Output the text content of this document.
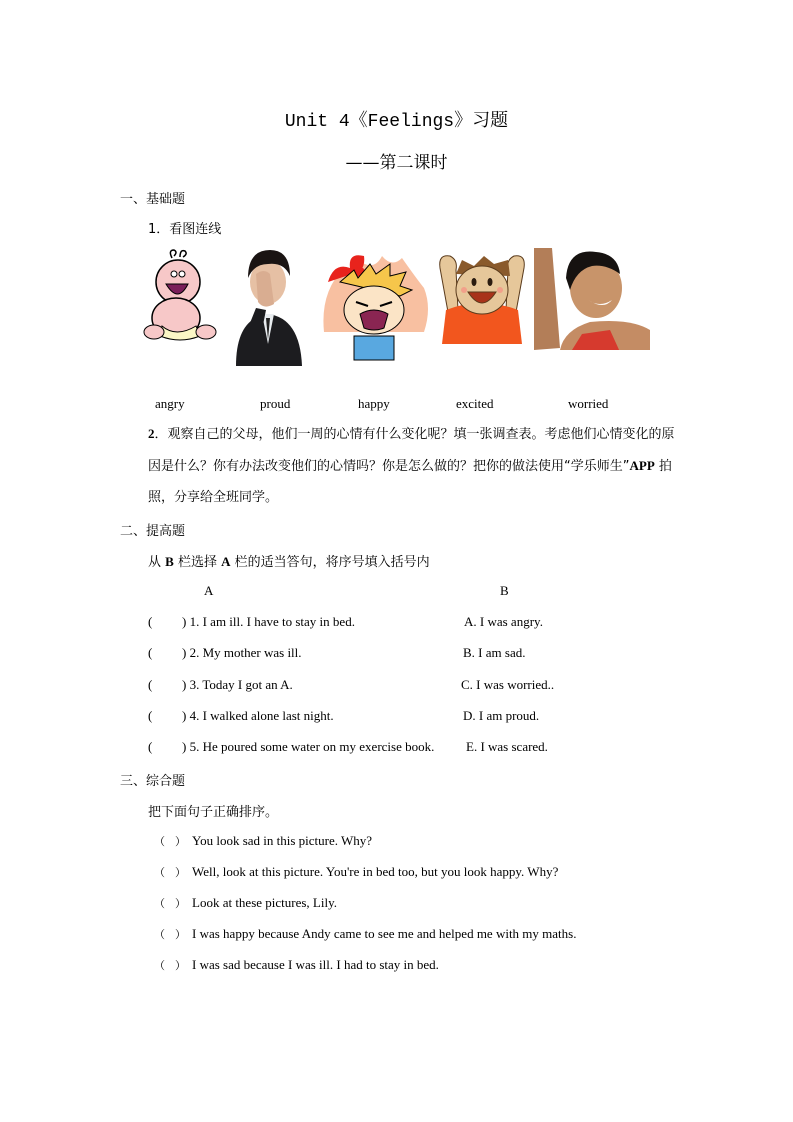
Unit 4《Feelings》习题
——第二课时
一、基础题
1．看图连线
angry	proud	happy	excited	worried
2．观察自己的父母，他们一周的心情有什么变化呢？填一张调查表。考虑他们心情变化的原因是什么？你有办法改变他们的心情吗？你是怎么做的？把你的做法使用“学乐师生”APP 拍照，分享给全班同学。
二、提高题
从 B 栏选择 A 栏的适当答句，将序号填入括号内
A	B
( ) 1. I am ill. I have to stay in bed.	A. I was angry.
( ) 2. My mother was ill.	B. I am sad.
( ) 3. Today I got an A.	C. I was worried..
( ) 4. I walked alone last night.	D. I am proud.
( ) 5. He poured some water on my exercise book. E. I was scared.
三、综合题
把下面句子正确排序。
（ ） You look sad in this picture. Why?
（ ） Well, look at this picture. You're in bed too, but you look happy. Why?
（ ） Look at these pictures, Lily.
（ ） I was happy because Andy came to see me and helped me with my maths.
（ ） I was sad because I was ill. I had to stay in bed.
